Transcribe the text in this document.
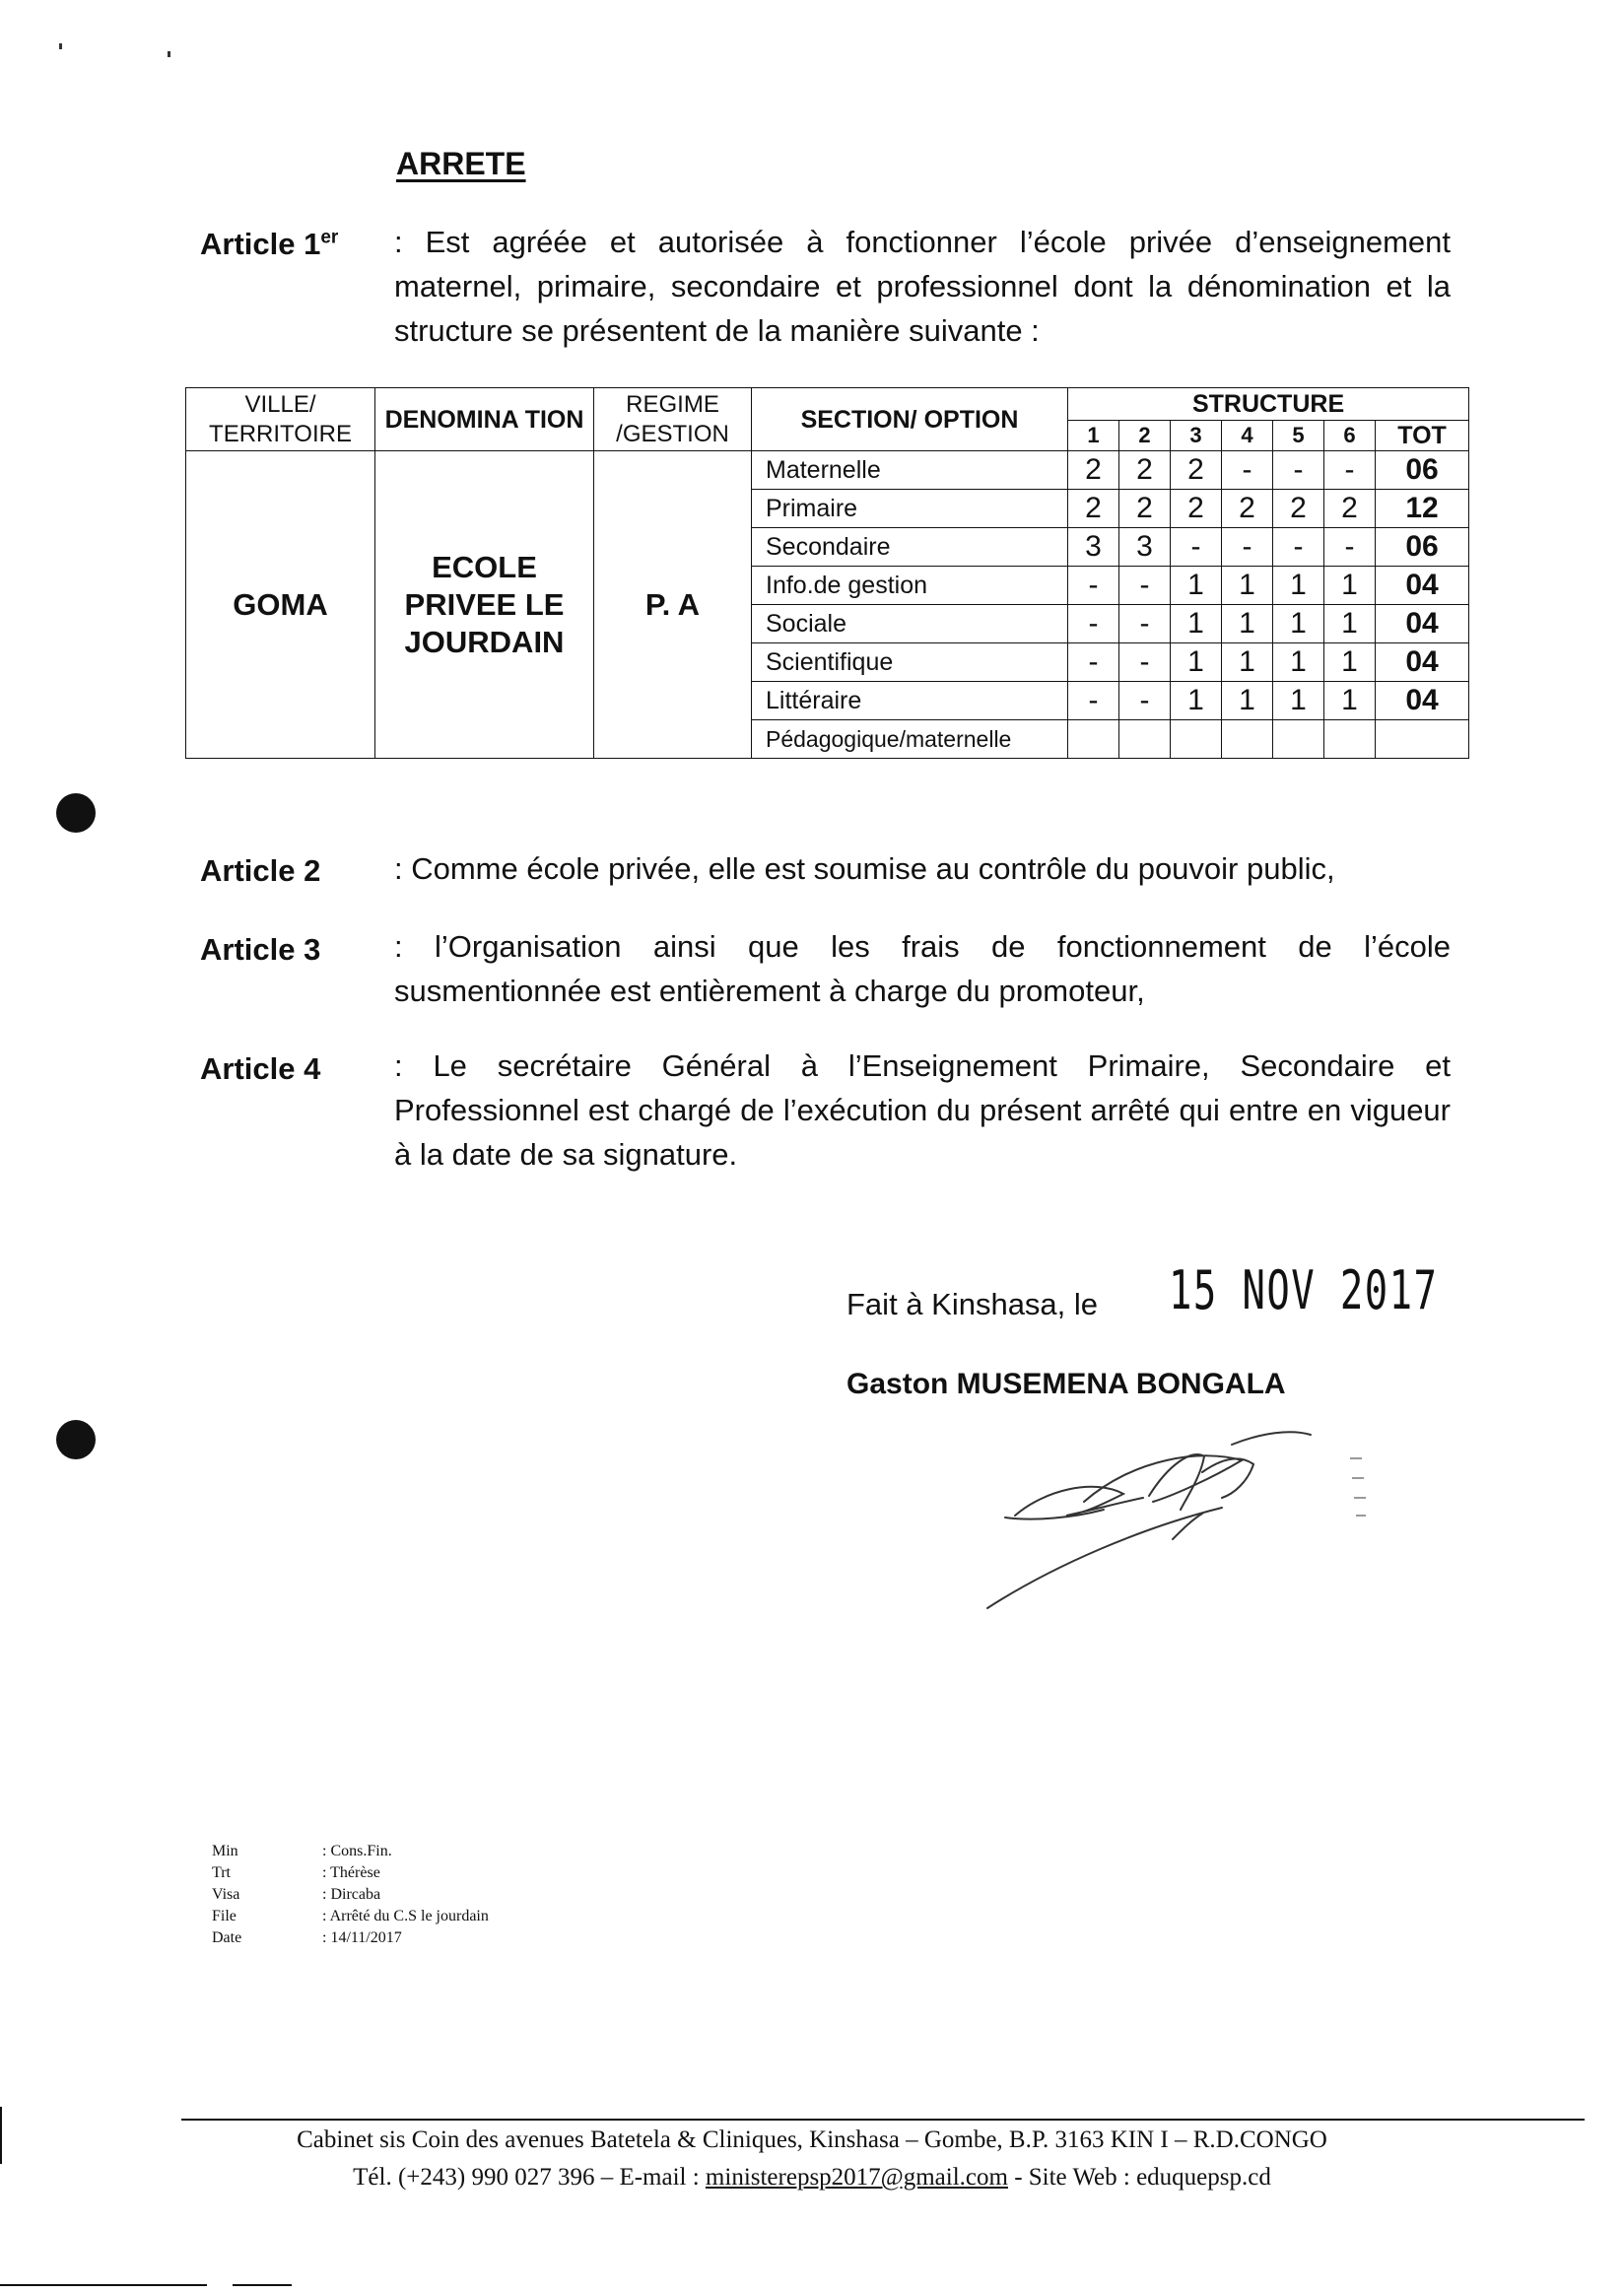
ARRETE
Article 1er : Est agréée et autorisée à fonctionner l’école privée d’enseignement maternel, primaire, secondaire et professionnel dont la dénomination et la structure se présentent de la manière suivante :
VILLE/ TERRITOIRE	DENOMINA TION	REGIME /GESTION	SECTION/ OPTION	STRUCTURE						
				1	2	3	4	5	6	TOT
GOMA	ECOLE PRIVEE LE JOURDAIN	P. A	Maternelle	2	2	2	-	-	-	06
			Primaire	2	2	2	2	2	2	12
			Secondaire	3	3	-	-	-	-	06
			Info.de gestion	-	-	1	1	1	1	04
			Sociale	-	-	1	1	1	1	04
			Scientifique	-	-	1	1	1	1	04
			Littéraire	-	-	1	1	1	1	04
			Pédagogique/maternelle							
Article 2 : Comme école privée, elle est soumise au contrôle du pouvoir public,
Article 3 : l’Organisation ainsi que les frais de fonctionnement de l’école susmentionnée est entièrement à charge du promoteur,
Article 4 : Le secrétaire Général à l’Enseignement Primaire, Secondaire et Professionnel est chargé de l’exécution du présent arrêté qui entre en vigueur à la date de sa signature.
Fait à Kinshasa, le 15 NOV 2017
Gaston MUSEMENA BONGALA
Min	: Cons.Fin.
Trt	: Thérèse
Visa	: Dircaba
File	: Arrêté du C.S le jourdain
Date	: 14/11/2017
Cabinet sis Coin des avenues Batetela & Cliniques, Kinshasa – Gombe, B.P. 3163 KIN I – R.D.CONGO
Tél. (+243) 990 027 396 – E-mail : ministerepsp2017@gmail.com - Site Web : eduquepsp.cd
